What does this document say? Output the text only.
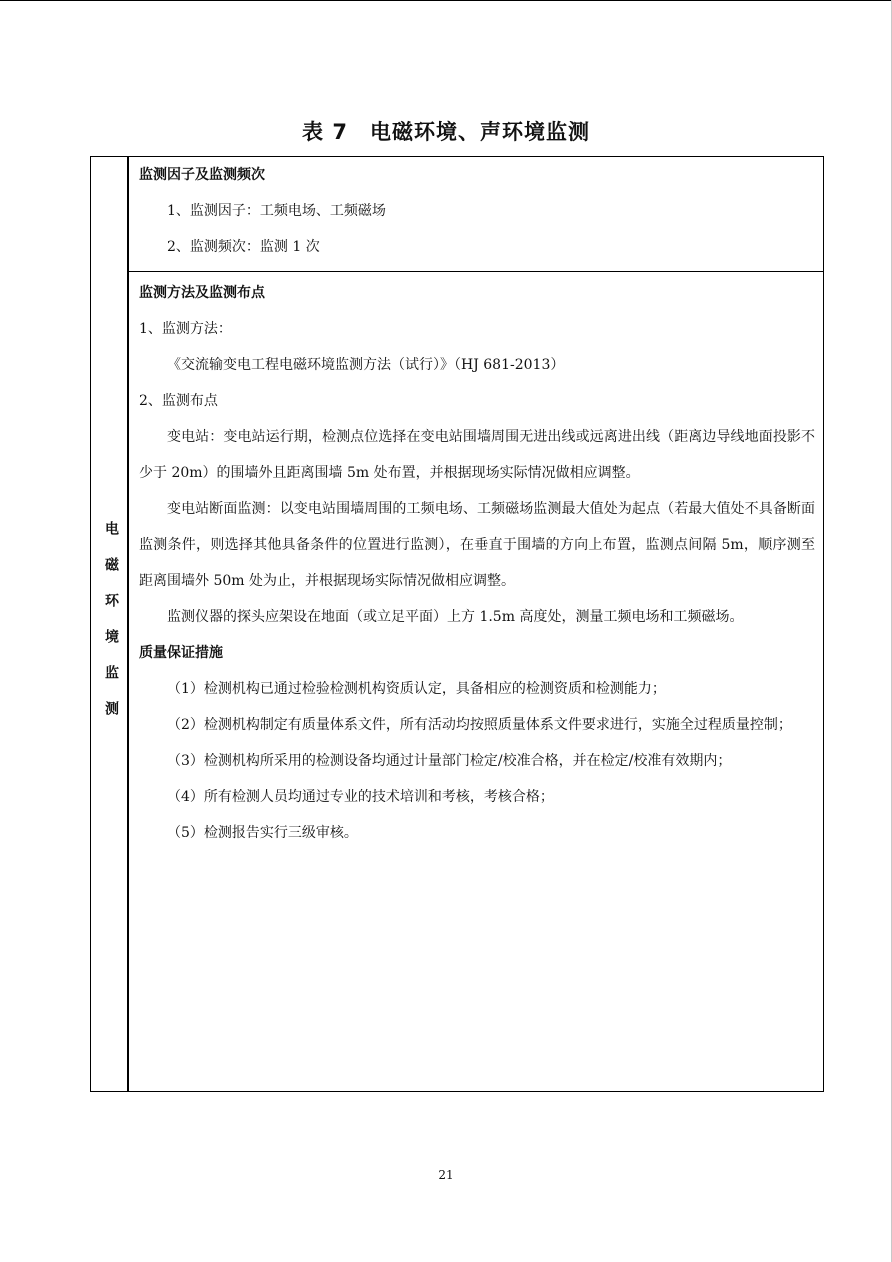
表 7　电磁环境、声环境监测
电磁环境监测

监测因子及监测频次

1、监测因子：工频电场、工频磁场

2、监测频次：监测 1 次

监测方法及监测布点

1、监测方法：

《交流输变电工程电磁环境监测方法（试行）》（HJ 681-2013）

2、监测布点

变电站：变电站运行期，检测点位选择在变电站围墙周围无进出线或远离进出线（距离边导线地面投影不少于 20m）的围墙外且距离围墙 5m 处布置，并根据现场实际情况做相应调整。

变电站断面监测：以变电站围墙周围的工频电场、工频磁场监测最大值处为起点（若最大值处不具备断面监测条件，则选择其他具备条件的位置进行监测），在垂直于围墙的方向上布置，监测点间隔 5m，顺序测至距离围墙外 50m 处为止，并根据现场实际情况做相应调整。

监测仪器的探头应架设在地面（或立足平面）上方 1.5m 高度处，测量工频电场和工频磁场。

质量保证措施

（1）检测机构已通过检验检测机构资质认定，具备相应的检测资质和检测能力；

（2）检测机构制定有质量体系文件，所有活动均按照质量体系文件要求进行，实施全过程质量控制；

（3）检测机构所采用的检测设备均通过计量部门检定/校准合格，并在检定/校准有效期内；

（4）所有检测人员均通过专业的技术培训和考核，考核合格；

（5）检测报告实行三级审核。

21
